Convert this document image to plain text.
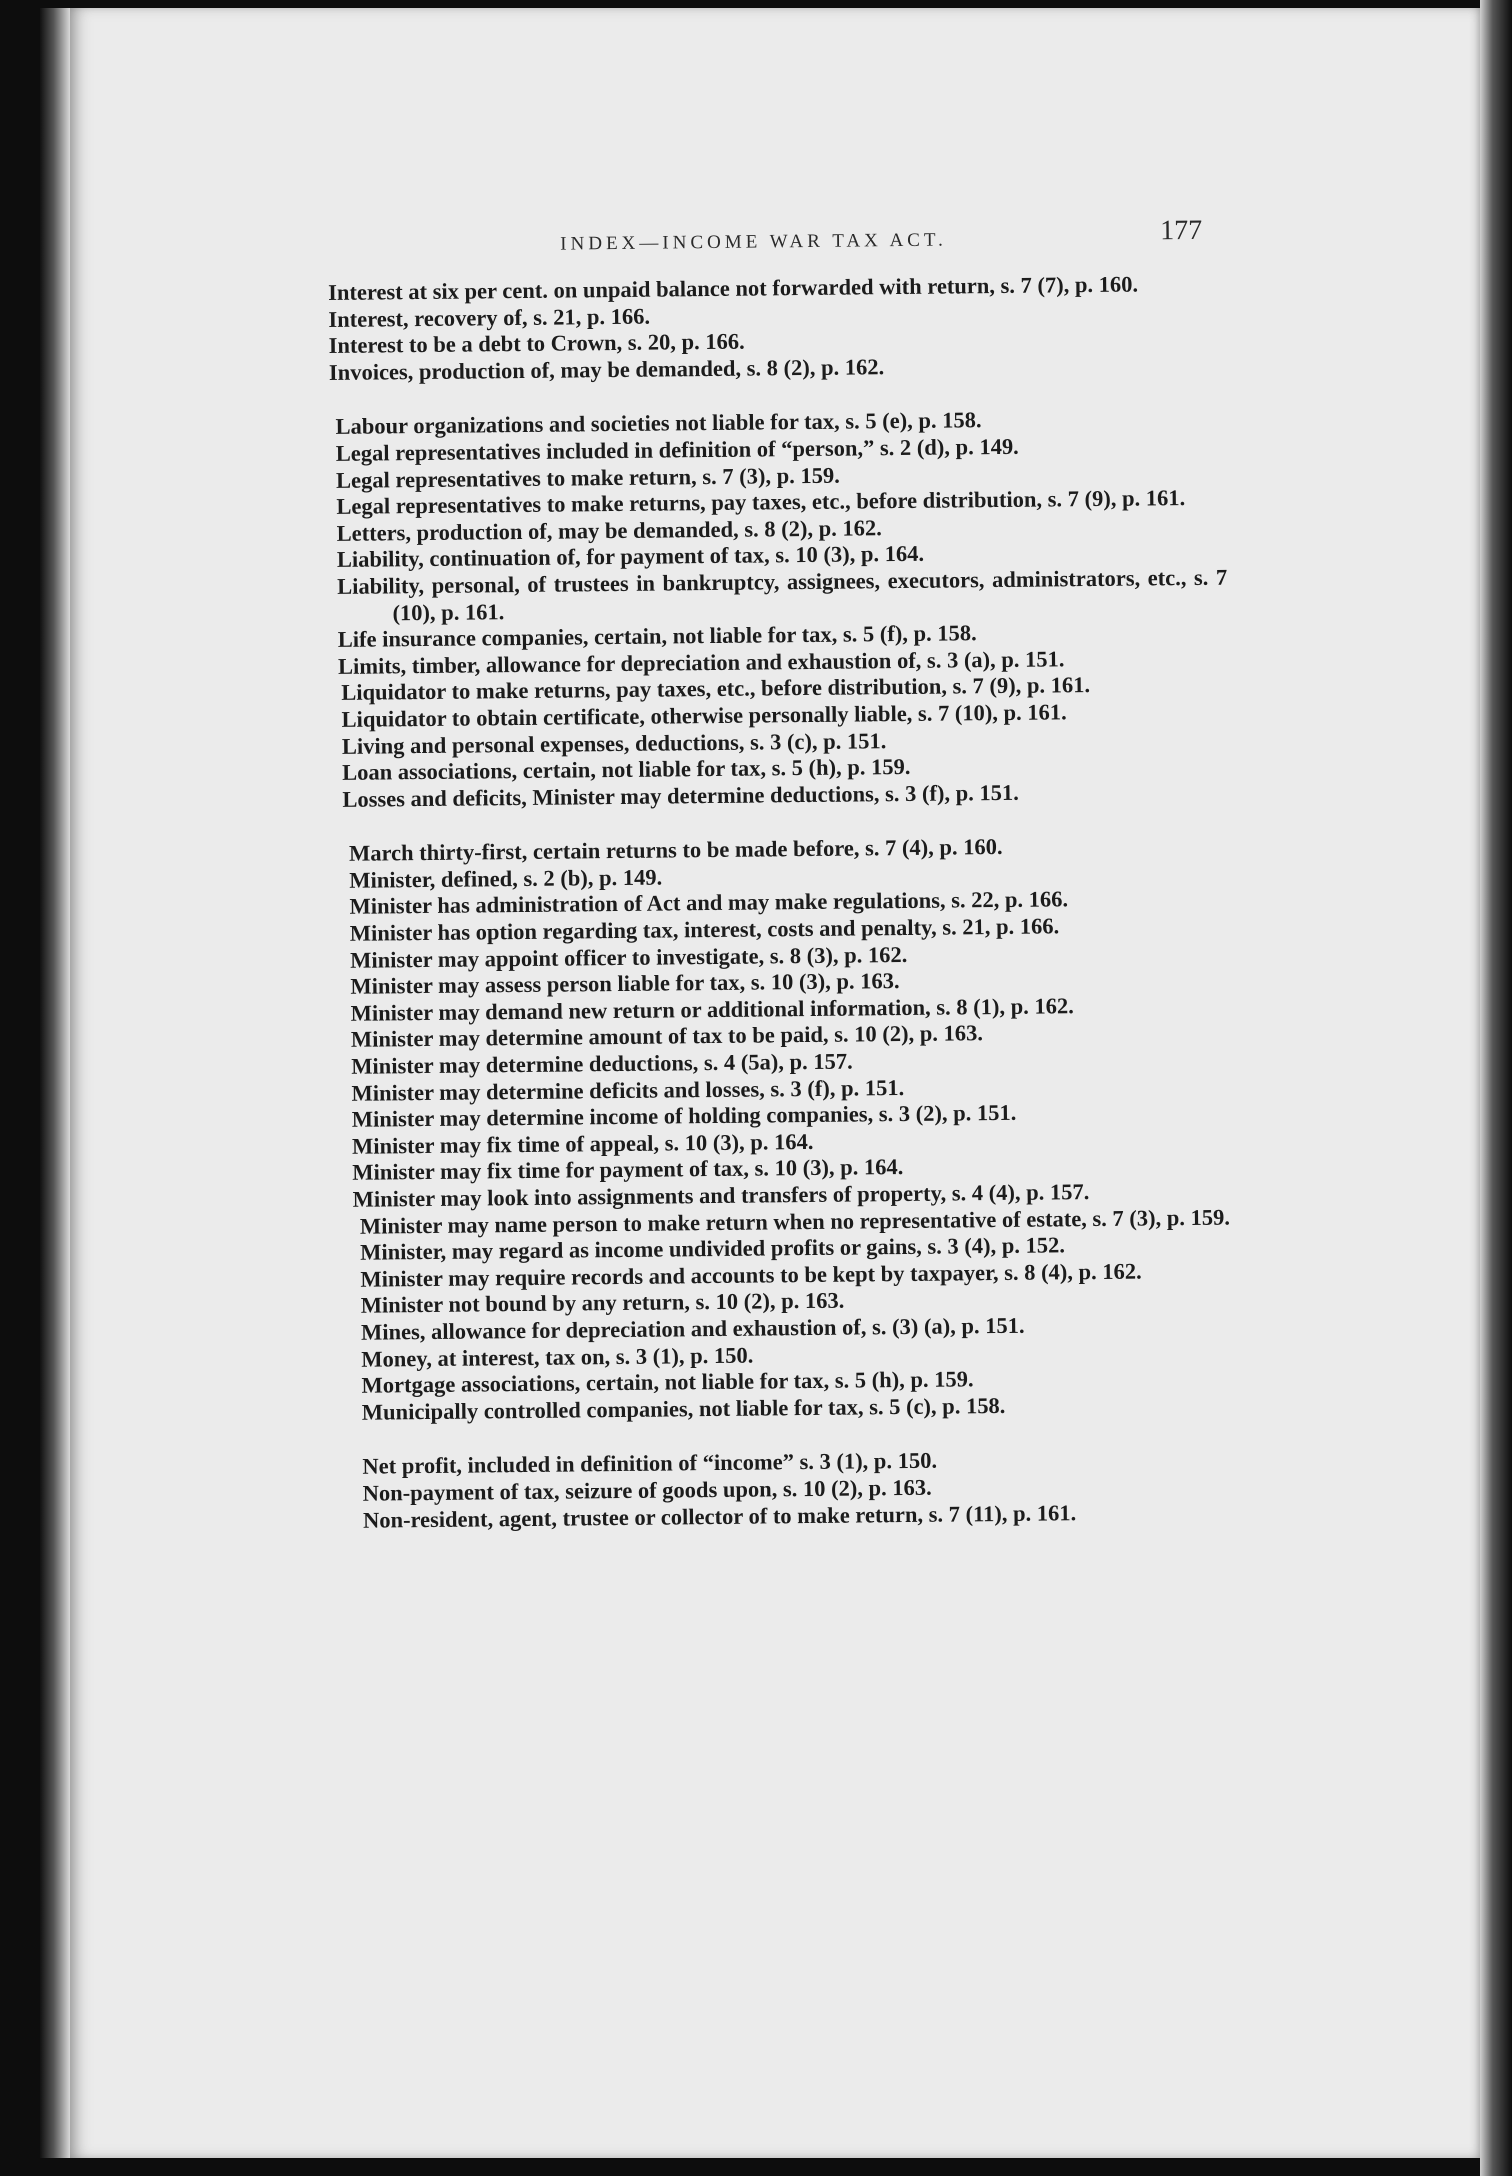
INDEX—INCOME WAR TAX ACT.	177
Interest at six per cent. on unpaid balance not forwarded with return, s. 7 (7), p. 160.
Interest, recovery of, s. 21, p. 166.
Interest to be a debt to Crown, s. 20, p. 166.
Invoices, production of, may be demanded, s. 8 (2), p. 162.
Labour organizations and societies not liable for tax, s. 5 (e), p. 158.
Legal representatives included in definition of “person,” s. 2 (d), p. 149.
Legal representatives to make return, s. 7 (3), p. 159.
Legal representatives to make returns, pay taxes, etc., before distribution, s. 7 (9), p. 161.
Letters, production of, may be demanded, s. 8 (2), p. 162.
Liability, continuation of, for payment of tax, s. 10 (3), p. 164.
Liability, personal, of trustees in bankruptcy, assignees, executors, administrators, etc., s. 7 (10), p. 161.
Life insurance companies, certain, not liable for tax, s. 5 (f), p. 158.
Limits, timber, allowance for depreciation and exhaustion of, s. 3 (a), p. 151.
Liquidator to make returns, pay taxes, etc., before distribution, s. 7 (9), p. 161.
Liquidator to obtain certificate, otherwise personally liable, s. 7 (10), p. 161.
Living and personal expenses, deductions, s. 3 (c), p. 151.
Loan associations, certain, not liable for tax, s. 5 (h), p. 159.
Losses and deficits, Minister may determine deductions, s. 3 (f), p. 151.
March thirty-first, certain returns to be made before, s. 7 (4), p. 160.
Minister, defined, s. 2 (b), p. 149.
Minister has administration of Act and may make regulations, s. 22, p. 166.
Minister has option regarding tax, interest, costs and penalty, s. 21, p. 166.
Minister may appoint officer to investigate, s. 8 (3), p. 162.
Minister may assess person liable for tax, s. 10 (3), p. 163.
Minister may demand new return or additional information, s. 8 (1), p. 162.
Minister may determine amount of tax to be paid, s. 10 (2), p. 163.
Minister may determine deductions, s. 4 (5a), p. 157.
Minister may determine deficits and losses, s. 3 (f), p. 151.
Minister may determine income of holding companies, s. 3 (2), p. 151.
Minister may fix time of appeal, s. 10 (3), p. 164.
Minister may fix time for payment of tax, s. 10 (3), p. 164.
Minister may look into assignments and transfers of property, s. 4 (4), p. 157.
Minister may name person to make return when no representative of estate, s. 7 (3), p. 159.
Minister, may regard as income undivided profits or gains, s. 3 (4), p. 152.
Minister may require records and accounts to be kept by taxpayer, s. 8 (4), p. 162.
Minister not bound by any return, s. 10 (2), p. 163.
Mines, allowance for depreciation and exhaustion of, s. (3) (a), p. 151.
Money, at interest, tax on, s. 3 (1), p. 150.
Mortgage associations, certain, not liable for tax, s. 5 (h), p. 159.
Municipally controlled companies, not liable for tax, s. 5 (c), p. 158.
Net profit, included in definition of “income” s. 3 (1), p. 150.
Non-payment of tax, seizure of goods upon, s. 10 (2), p. 163.
Non-resident, agent, trustee or collector of to make return, s. 7 (11), p. 161.
